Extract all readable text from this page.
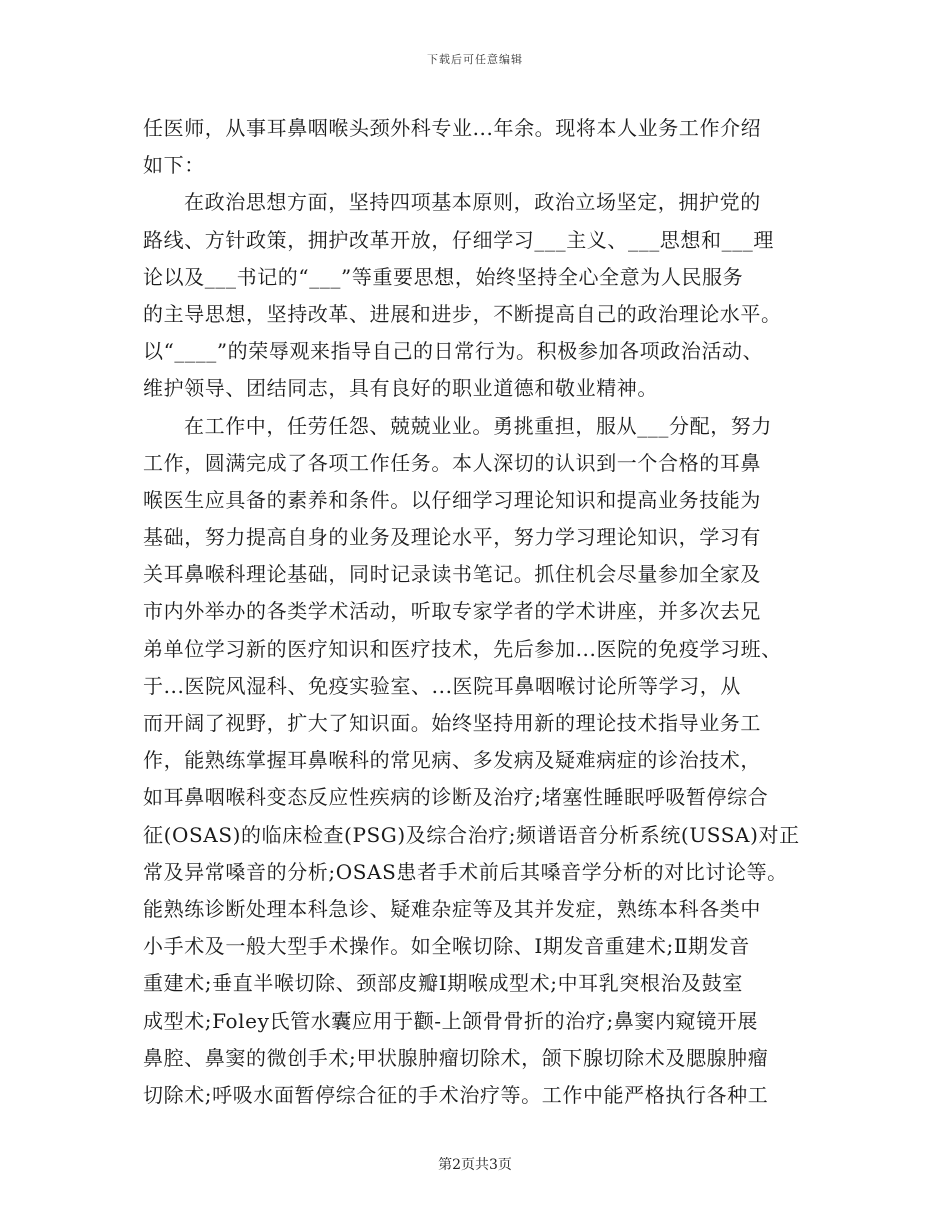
下载后可任意编辑
任医师，从事耳鼻咽喉头颈外科专业...年余。现将本人业务工作介绍
如下：
在政治思想方面，坚持四项基本原则，政治立场坚定，拥护党的
路线、方针政策，拥护改革开放，仔细学习___主义、___思想和___理
论以及___书记的“___”等重要思想，始终坚持全心全意为人民服务
的主导思想，坚持改革、进展和进步，不断提高自己的政治理论水平。
以“____”的荣辱观来指导自己的日常行为。积极参加各项政治活动、
维护领导、团结同志，具有良好的职业道德和敬业精神。
在工作中，任劳任怨、兢兢业业。勇挑重担，服从___分配，努力
工作，圆满完成了各项工作任务。本人深切的认识到一个合格的耳鼻
喉医生应具备的素养和条件。以仔细学习理论知识和提高业务技能为
基础，努力提高自身的业务及理论水平，努力学习理论知识，学习有
关耳鼻喉科理论基础，同时记录读书笔记。抓住机会尽量参加全家及
市内外举办的各类学术活动，听取专家学者的学术讲座，并多次去兄
弟单位学习新的医疗知识和医疗技术，先后参加...医院的免疫学习班、
于...医院风湿科、免疫实验室、...医院耳鼻咽喉讨论所等学习，从
而开阔了视野，扩大了知识面。始终坚持用新的理论技术指导业务工
作，能熟练掌握耳鼻喉科的常见病、多发病及疑难病症的诊治技术，
如耳鼻咽喉科变态反应性疾病的诊断及治疗;堵塞性睡眠呼吸暂停综合
征(OSAS)的临床检查(PSG)及综合治疗;频谱语音分析系统(USSA)对正
常及异常嗓音的分析;OSAS患者手术前后其嗓音学分析的对比讨论等。
能熟练诊断处理本科急诊、疑难杂症等及其并发症，熟练本科各类中
小手术及一般大型手术操作。如全喉切除、Ⅰ期发音重建术;Ⅱ期发音
重建术;垂直半喉切除、颈部皮瓣Ⅰ期喉成型术;中耳乳突根治及鼓室
成型术;Foley氏管水囊应用于颧-上颌骨骨折的治疗;鼻窦内窥镜开展
鼻腔、鼻窦的微创手术;甲状腺肿瘤切除术，颌下腺切除术及腮腺肿瘤
切除术;呼吸水面暂停综合征的手术治疗等。工作中能严格执行各种工
第2页共3页
